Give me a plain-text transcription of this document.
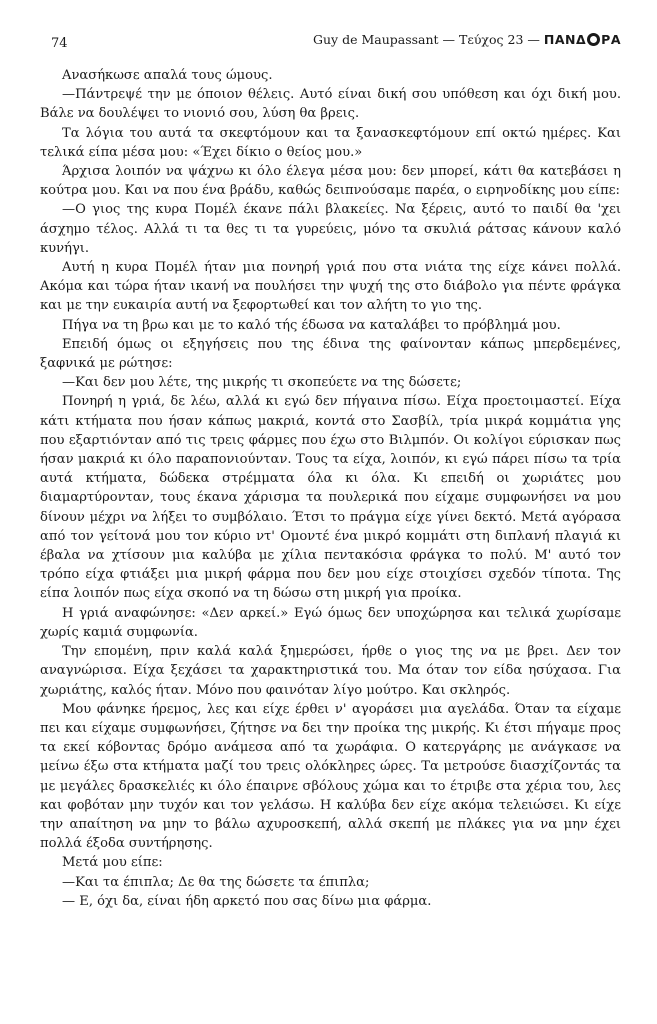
74	Guy de Maupassant — Τεύχος 23 — ΠΑΝΔ ΡΑ

Ανασήκωσε απαλά τους ώμους.

—Πάντρεψέ την με όποιον θέλεις. Αυτό είναι δική σου υπόθεση και όχι δική μου. Βάλε να δουλέψει το νιονιό σου, λύση θα βρεις.

Τα λόγια του αυτά τα σκεφτόμουν και τα ξανασκεφτόμουν επί οκτώ ημέρες. Και τελικά είπα μέσα μου: «Έχει δίκιο ο θείος μου.»

Άρχισα λοιπόν να ψάχνω κι όλο έλεγα μέσα μου: δεν μπορεί, κάτι θα κατεβάσει η κούτρα μου. Και να που ένα βράδυ, καθώς δειπνούσαμε παρέα, ο ειρηνοδίκης μου είπε:

—Ο γιος της κυρα Πομέλ έκανε πάλι βλακείες. Να ξέρεις, αυτό το παιδί θα 'χει άσχημο τέλος. Αλλά τι τα θες τι τα γυρεύεις, μόνο τα σκυλιά ράτσας κάνουν καλό κυνήγι.

Αυτή η κυρα Πομέλ ήταν μια πονηρή γριά που στα νιάτα της είχε κάνει πολλά. Ακόμα και τώρα ήταν ικανή να πουλήσει την ψυχή της στο διάβολο για πέντε φράγκα και με την ευκαιρία αυτή να ξεφορτωθεί και τον αλήτη το γιο της.

Πήγα να τη βρω και με το καλό τής έδωσα να καταλάβει το πρόβλημά μου.

Επειδή όμως οι εξηγήσεις που της έδινα της φαίνονταν κάπως μπερδεμένες, ξαφνικά με ρώτησε:

—Και δεν μου λέτε, της μικρής τι σκοπεύετε να της δώσετε;

Πονηρή η γριά, δε λέω, αλλά κι εγώ δεν πήγαινα πίσω. Είχα προετοιμαστεί. Είχα κάτι κτήματα που ήσαν κάπως μακριά, κοντά στο Σασβίλ, τρία μικρά κομμάτια γης που εξαρτιόνταν από τις τρεις φάρμες που έχω στο Βιλμπόν. Οι κολίγοι εύρισκαν πως ήσαν μακριά κι όλο παραπονιούνταν. Τους τα είχα, λοιπόν, κι εγώ πάρει πίσω τα τρία αυτά κτήματα, δώδεκα στρέμματα όλα κι όλα. Κι επειδή οι χωριάτες μου διαμαρτύρονταν, τους έκανα χάρισμα τα πουλερικά που είχαμε συμφωνήσει να μου δίνουν μέχρι να λήξει το συμβόλαιο. Έτσι το πράγμα είχε γίνει δεκτό. Μετά αγόρασα από τον γείτονά μου τον κύριο ντ' Ομοντέ ένα μικρό κομμάτι στη διπλανή πλαγιά κι έβαλα να χτίσουν μια καλύβα με χίλια πεντακόσια φράγκα το πολύ. Μ' αυτό τον τρόπο είχα φτιάξει μια μικρή φάρμα που δεν μου είχε στοιχίσει σχεδόν τίποτα. Της είπα λοιπόν πως είχα σκοπό να τη δώσω στη μικρή για προίκα.

Η γριά αναφώνησε: «Δεν αρκεί.» Εγώ όμως δεν υποχώρησα και τελικά χωρίσαμε χωρίς καμιά συμφωνία.

Την επομένη, πριν καλά καλά ξημερώσει, ήρθε ο γιος της να με βρει. Δεν τον αναγνώρισα. Είχα ξεχάσει τα χαρακτηριστικά του. Μα όταν τον είδα ησύχασα. Για χωριάτης, καλός ήταν. Μόνο που φαινόταν λίγο μούτρο. Και σκληρός.

Μου φάνηκε ήρεμος, λες και είχε έρθει ν' αγοράσει μια αγελάδα. Όταν τα είχαμε πει και είχαμε συμφωνήσει, ζήτησε να δει την προίκα της μικρής. Κι έτσι πήγαμε προς τα εκεί κόβοντας δρόμο ανάμεσα από τα χωράφια. Ο κατεργάρης με ανάγκασε να μείνω έξω στα κτήματα μαζί του τρεις ολόκληρες ώρες. Τα μετρούσε διασχίζοντάς τα με μεγάλες δρασκελιές κι όλο έπαιρνε σβόλους χώμα και το έτριβε στα χέρια του, λες και φοβόταν μην τυχόν και τον γελάσω. Η καλύβα δεν είχε ακόμα τελειώσει. Κι είχε την απαίτηση να μην το βάλω αχυροσκεπή, αλλά σκεπή με πλάκες για να μην έχει πολλά έξοδα συντήρησης.

Μετά μου είπε:

—Και τα έπιπλα; Δε θα της δώσετε τα έπιπλα;

— Ε, όχι δα, είναι ήδη αρκετό που σας δίνω μια φάρμα.
